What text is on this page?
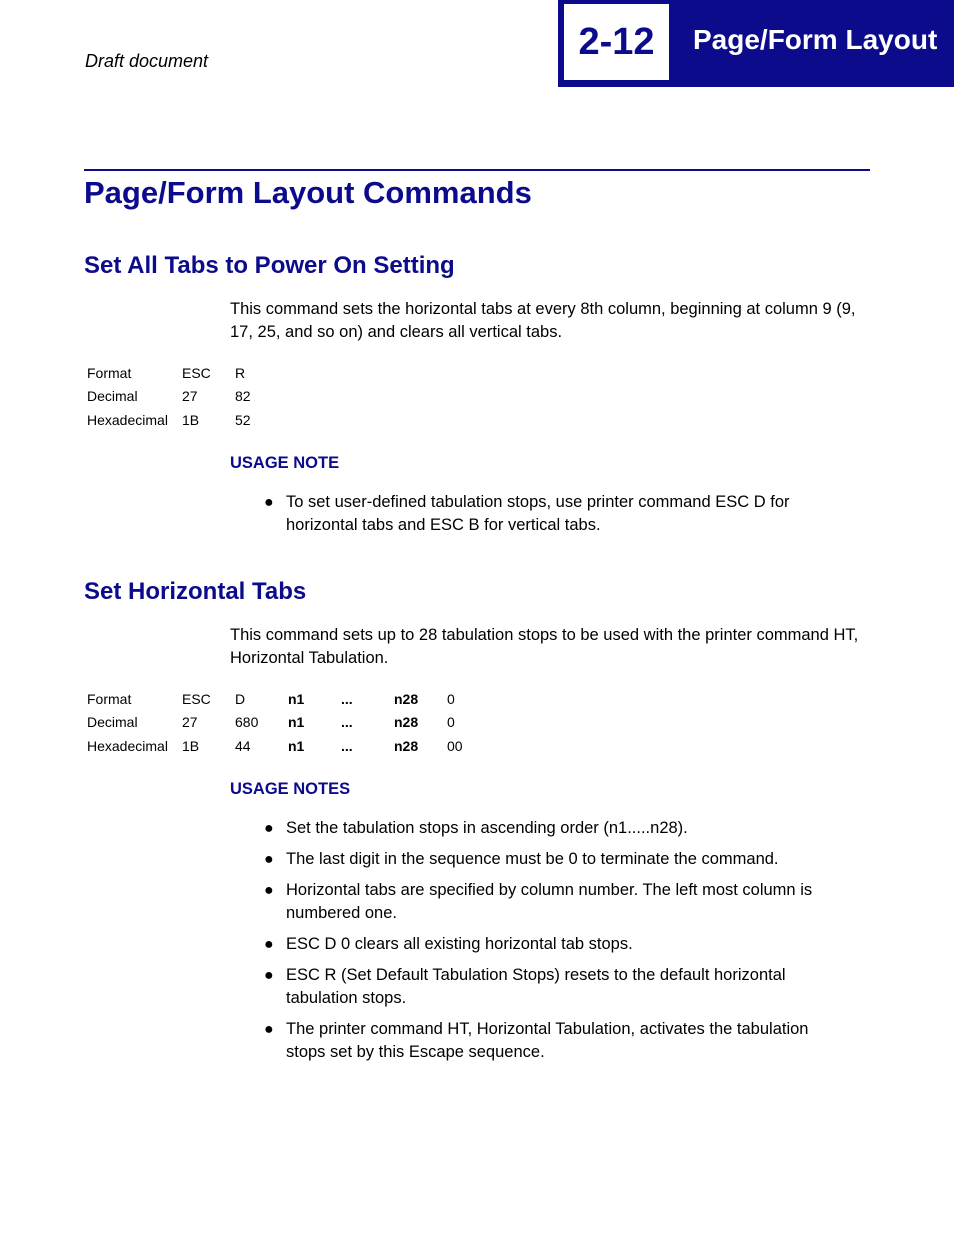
Draft document	2-12	Page/Form Layout
Page/Form Layout Commands
Set All Tabs to Power On Setting

This command sets the horizontal tabs at every 8th column, beginning at column 9 (9, 17, 25, and so on) and clears all vertical tabs.

Format	ESC	R
Decimal	27	82
Hexadecimal	1B	52
USAGE NOTE
● To set user-defined tabulation stops, use printer command ESC D for horizontal tabs and ESC B for vertical tabs.
Set Horizontal Tabs

This command sets up to 28 tabulation stops to be used with the printer command HT, Horizontal Tabulation.

Format	ESC	D	n1	...	n28	0
Decimal	27	680	n1	...	n28	0
Hexadecimal	1B	44	n1	...	n28	00
USAGE NOTES
● Set the tabulation stops in ascending order (n1.....n28).
● The last digit in the sequence must be 0 to terminate the command.
● Horizontal tabs are specified by column number. The left most column is numbered one.
● ESC D 0 clears all existing horizontal tab stops.
● ESC R (Set Default Tabulation Stops) resets to the default horizontal tabulation stops.
● The printer command HT, Horizontal Tabulation, activates the tabulation stops set by this Escape sequence.
